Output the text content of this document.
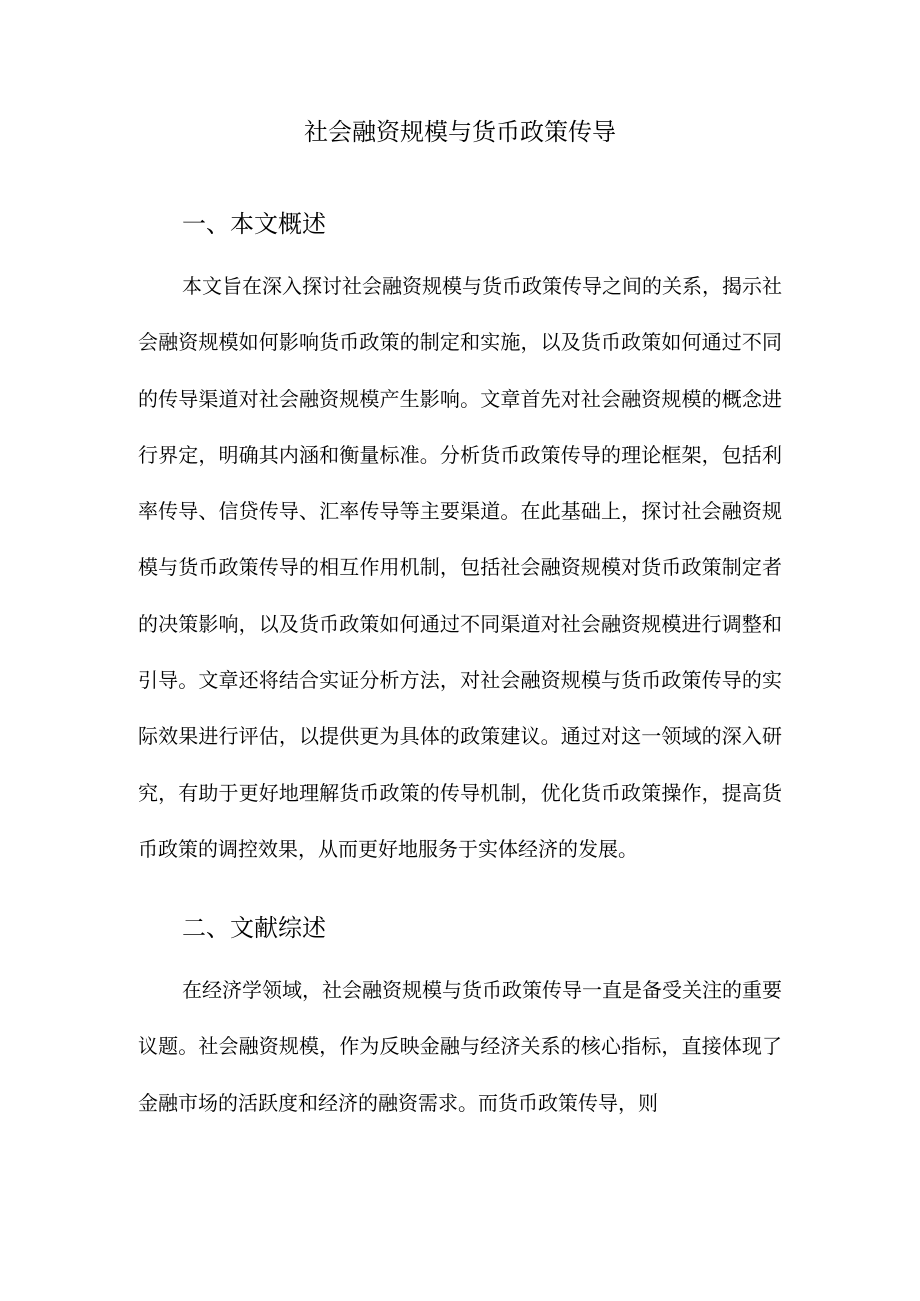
社会融资规模与货币政策传导
一、本文概述
本文旨在深入探讨社会融资规模与货币政策传导之间的关系，揭示社
会融资规模如何影响货币政策的制定和实施，以及货币政策如何通过不同
的传导渠道对社会融资规模产生影响。文章首先对社会融资规模的概念进
行界定，明确其内涵和衡量标准。分析货币政策传导的理论框架，包括利
率传导、信贷传导、汇率传导等主要渠道。在此基础上，探讨社会融资规
模与货币政策传导的相互作用机制，包括社会融资规模对货币政策制定者
的决策影响，以及货币政策如何通过不同渠道对社会融资规模进行调整和
引导。文章还将结合实证分析方法，对社会融资规模与货币政策传导的实
际效果进行评估，以提供更为具体的政策建议。通过对这一领域的深入研
究，有助于更好地理解货币政策的传导机制，优化货币政策操作，提高货
币政策的调控效果，从而更好地服务于实体经济的发展。
二、文献综述
在经济学领域，社会融资规模与货币政策传导一直是备受关注的重要
议题。社会融资规模，作为反映金融与经济关系的核心指标，直接体现了
金融市场的活跃度和经济的融资需求。而货币政策传导，则
